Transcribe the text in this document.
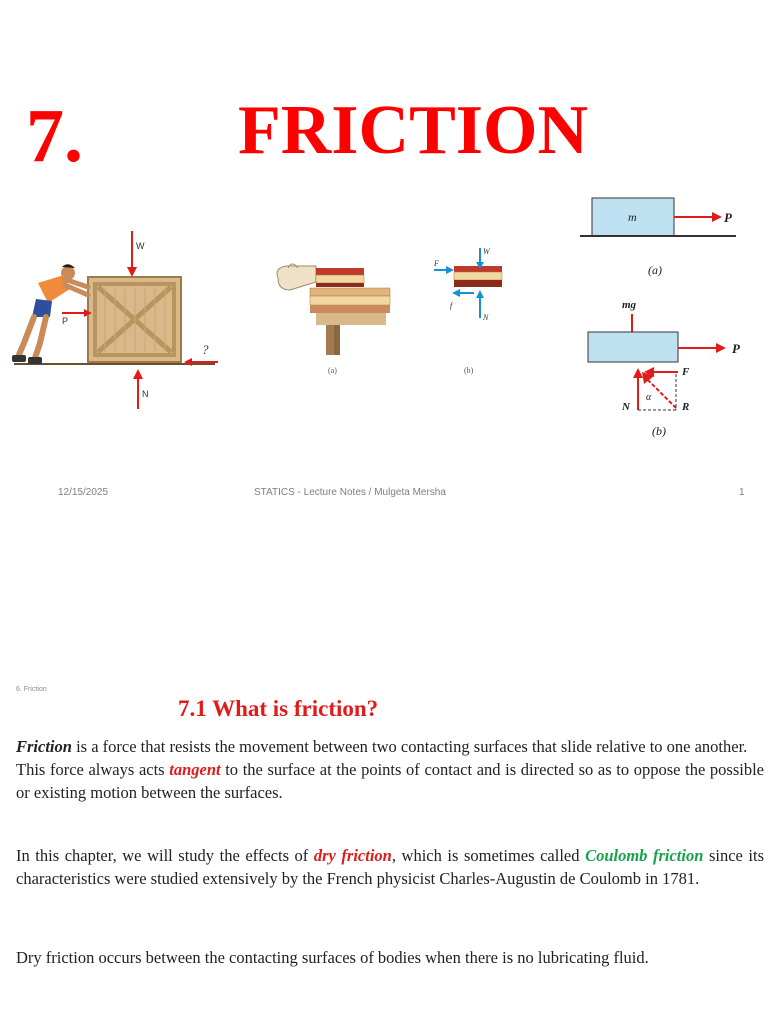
7. FRICTION
W
P
?
N
(a)
W
F
f
N
(b)
m	P
(a)
mg
P
α
F
N	R
(b)
12/15/2025	STATICS - Lecture Notes / Mulgeta Mersha	1
6. Friction
7.1 What is friction?
Friction is a force that resists the movement between two contacting surfaces that slide relative to one another.
This force always acts tangent to the surface at the points of contact and is directed so as to oppose the possible or existing motion between the surfaces.
In this chapter, we will study the effects of dry friction, which is sometimes called Coulomb friction since its characteristics were studied extensively by the French physicist Charles-Augustin de Coulomb in 1781.
Dry friction occurs between the contacting surfaces of bodies when there is no lubricating fluid.
